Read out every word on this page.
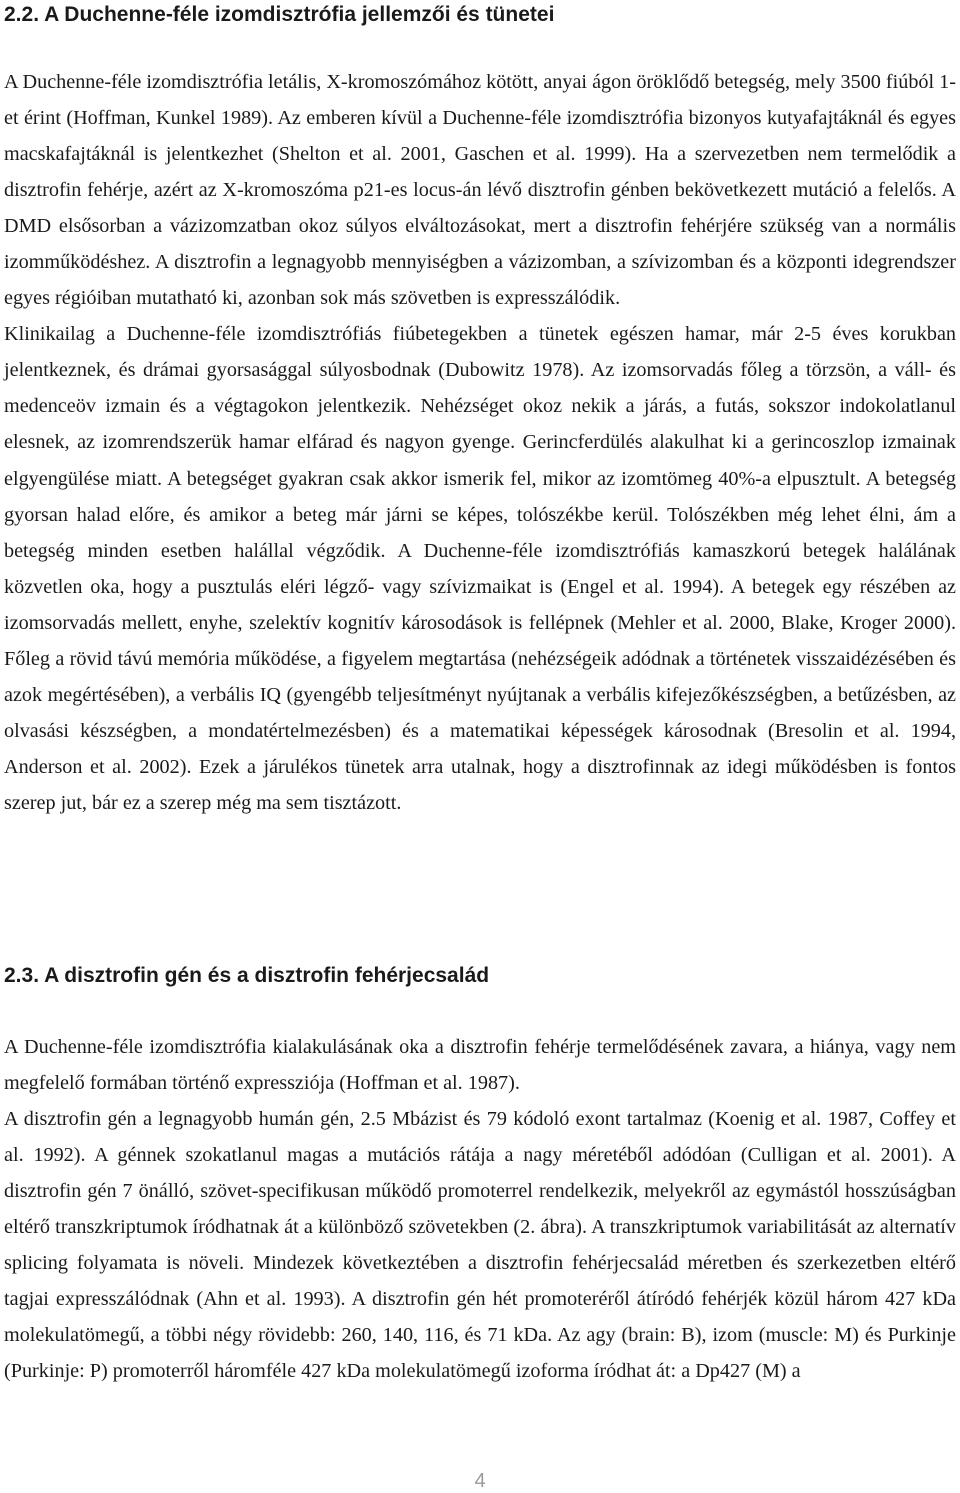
2.2. A Duchenne-féle izomdisztrófia jellemzői és tünetei

A Duchenne-féle izomdisztrófia letális, X-kromoszómához kötött, anyai ágon öröklődő betegség, mely 3500 fiúból 1-et érint (Hoffman, Kunkel 1989). Az emberen kívül a Duchenne-féle izomdisztrófia bizonyos kutyafajtáknál és egyes macskafajtáknál is jelentkezhet (Shelton et al. 2001, Gaschen et al. 1999). Ha a szervezetben nem termelődik a disztrofin fehérje, azért az X-kromoszóma p21-es locus-án lévő disztrofin génben bekövetkezett mutáció a felelős. A DMD elsősorban a vázizomzatban okoz súlyos elváltozásokat, mert a disztrofin fehérjére szükség van a normális izomműködéshez. A disztrofin a legnagyobb mennyiségben a vázizomban, a szívizomban és a központi idegrendszer egyes régióiban mutatható ki, azonban sok más szövetben is expresszálódik.

Klinikailag a Duchenne-féle izomdisztrófiás fiúbetegekben a tünetek egészen hamar, már 2-5 éves korukban jelentkeznek, és drámai gyorsasággal súlyosbodnak (Dubowitz 1978). Az izomsorvadás főleg a törzsön, a váll- és medenceöv izmain és a végtagokon jelentkezik. Nehézséget okoz nekik a járás, a futás, sokszor indokolatlanul elesnek, az izomrendszerük hamar elfárad és nagyon gyenge. Gerincferdülés alakulhat ki a gerincoszlop izmainak elgyengülése miatt. A betegséget gyakran csak akkor ismerik fel, mikor az izomtömeg 40%-a elpusztult. A betegség gyorsan halad előre, és amikor a beteg már járni se képes, tolószékbe kerül. Tolószékben még lehet élni, ám a betegség minden esetben halállal végződik. A Duchenne-féle izomdisztrófiás kamaszkorú betegek halálának közvetlen oka, hogy a pusztulás eléri légző- vagy szívizmaikat is (Engel et al. 1994). A betegek egy részében az izomsorvadás mellett, enyhe, szelektív kognitív károsodások is fellépnek (Mehler et al. 2000, Blake, Kroger 2000). Főleg a rövid távú memória működése, a figyelem megtartása (nehézségeik adódnak a történetek visszaidézésében és azok megértésében), a verbális IQ (gyengébb teljesítményt nyújtanak a verbális kifejezőkészségben, a betűzésben, az olvasási készségben, a mondatértelmezésben) és a matematikai képességek károsodnak (Bresolin et al. 1994, Anderson et al. 2002). Ezek a járulékos tünetek arra utalnak, hogy a disztrofinnak az idegi működésben is fontos szerep jut, bár ez a szerep még ma sem tisztázott.

2.3. A disztrofin gén és a disztrofin fehérjecsalád

A Duchenne-féle izomdisztrófia kialakulásának oka a disztrofin fehérje termelődésének zavara, a hiánya, vagy nem megfelelő formában történő expressziója (Hoffman et al. 1987).

A disztrofin gén a legnagyobb humán gén, 2.5 Mbázist és 79 kódoló exont tartalmaz (Koenig et al. 1987, Coffey et al. 1992). A génnek szokatlanul magas a mutációs rátája a nagy méretéből adódóan (Culligan et al. 2001). A disztrofin gén 7 önálló, szövet-specifikusan működő promoterrel rendelkezik, melyekről az egymástól hosszúságban eltérő transzkriptumok íródhatnak át a különböző szövetekben (2. ábra). A transzkriptumok variabilitását az alternatív splicing folyamata is növeli. Mindezek következtében a disztrofin fehérjecsalád méretben és szerkezetben eltérő tagjai expresszálódnak (Ahn et al. 1993). A disztrofin gén hét promoteréről átíródó fehérjék közül három 427 kDa molekulatömegű, a többi négy rövidebb: 260, 140, 116, és 71 kDa. Az agy (brain: B), izom (muscle: M) és Purkinje (Purkinje: P) promoterről háromféle 427 kDa molekulatömegű izoforma íródhat át: a Dp427 (M) a

4
